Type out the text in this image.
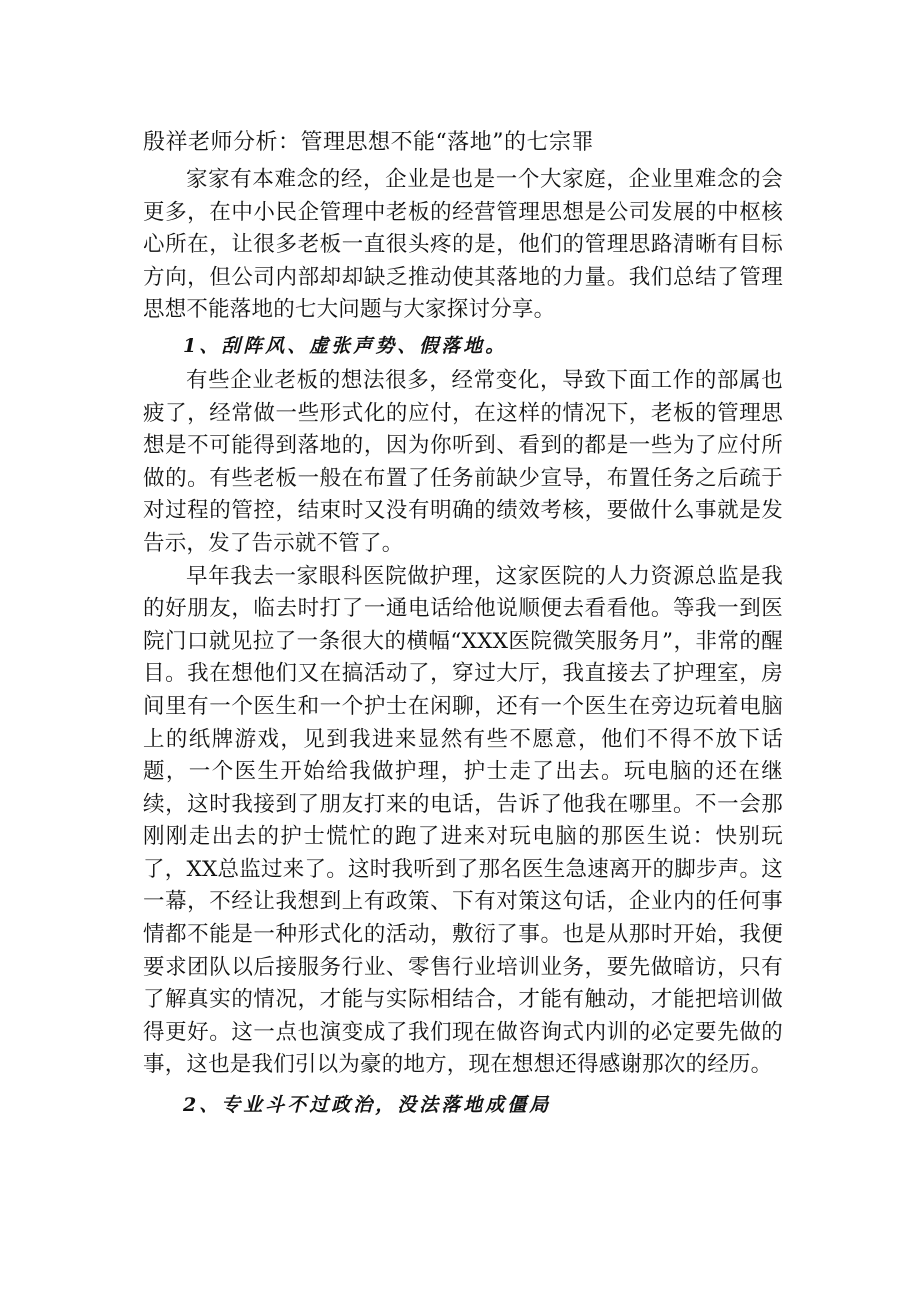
殷祥老师分析：管理思想不能“落地”的七宗罪

家家有本难念的经，企业是也是一个大家庭，企业里难念的会更多，在中小民企管理中老板的经营管理思想是公司发展的中枢核心所在，让很多老板一直很头疼的是，他们的管理思路清晰有目标方向，但公司内部却却缺乏推动使其落地的力量。我们总结了管理思想不能落地的七大问题与大家探讨分享。

1、刮阵风、虚张声势、假落地。

有些企业老板的想法很多，经常变化，导致下面工作的部属也疲了，经常做一些形式化的应付，在这样的情况下，老板的管理思想是不可能得到落地的，因为你听到、看到的都是一些为了应付所做的。有些老板一般在布置了任务前缺少宣导，布置任务之后疏于对过程的管控，结束时又没有明确的绩效考核，要做什么事就是发告示，发了告示就不管了。

早年我去一家眼科医院做护理，这家医院的人力资源总监是我的好朋友，临去时打了一通电话给他说顺便去看看他。等我一到医院门口就见拉了一条很大的横幅“XXX医院微笑服务月”，非常的醒目。我在想他们又在搞活动了，穿过大厅，我直接去了护理室，房间里有一个医生和一个护士在闲聊，还有一个医生在旁边玩着电脑上的纸牌游戏，见到我进来显然有些不愿意，他们不得不放下话题，一个医生开始给我做护理，护士走了出去。玩电脑的还在继续，这时我接到了朋友打来的电话，告诉了他我在哪里。不一会那刚刚走出去的护士慌忙的跑了进来对玩电脑的那医生说：快别玩了，XX总监过来了。这时我听到了那名医生急速离开的脚步声。这一幕，不经让我想到上有政策、下有对策这句话，企业内的任何事情都不能是一种形式化的活动，敷衍了事。也是从那时开始，我便要求团队以后接服务行业、零售行业培训业务，要先做暗访，只有了解真实的情况，才能与实际相结合，才能有触动，才能把培训做得更好。这一点也演变成了我们现在做咨询式内训的必定要先做的事，这也是我们引以为豪的地方，现在想想还得感谢那次的经历。

2、专业斗不过政治，没法落地成僵局
